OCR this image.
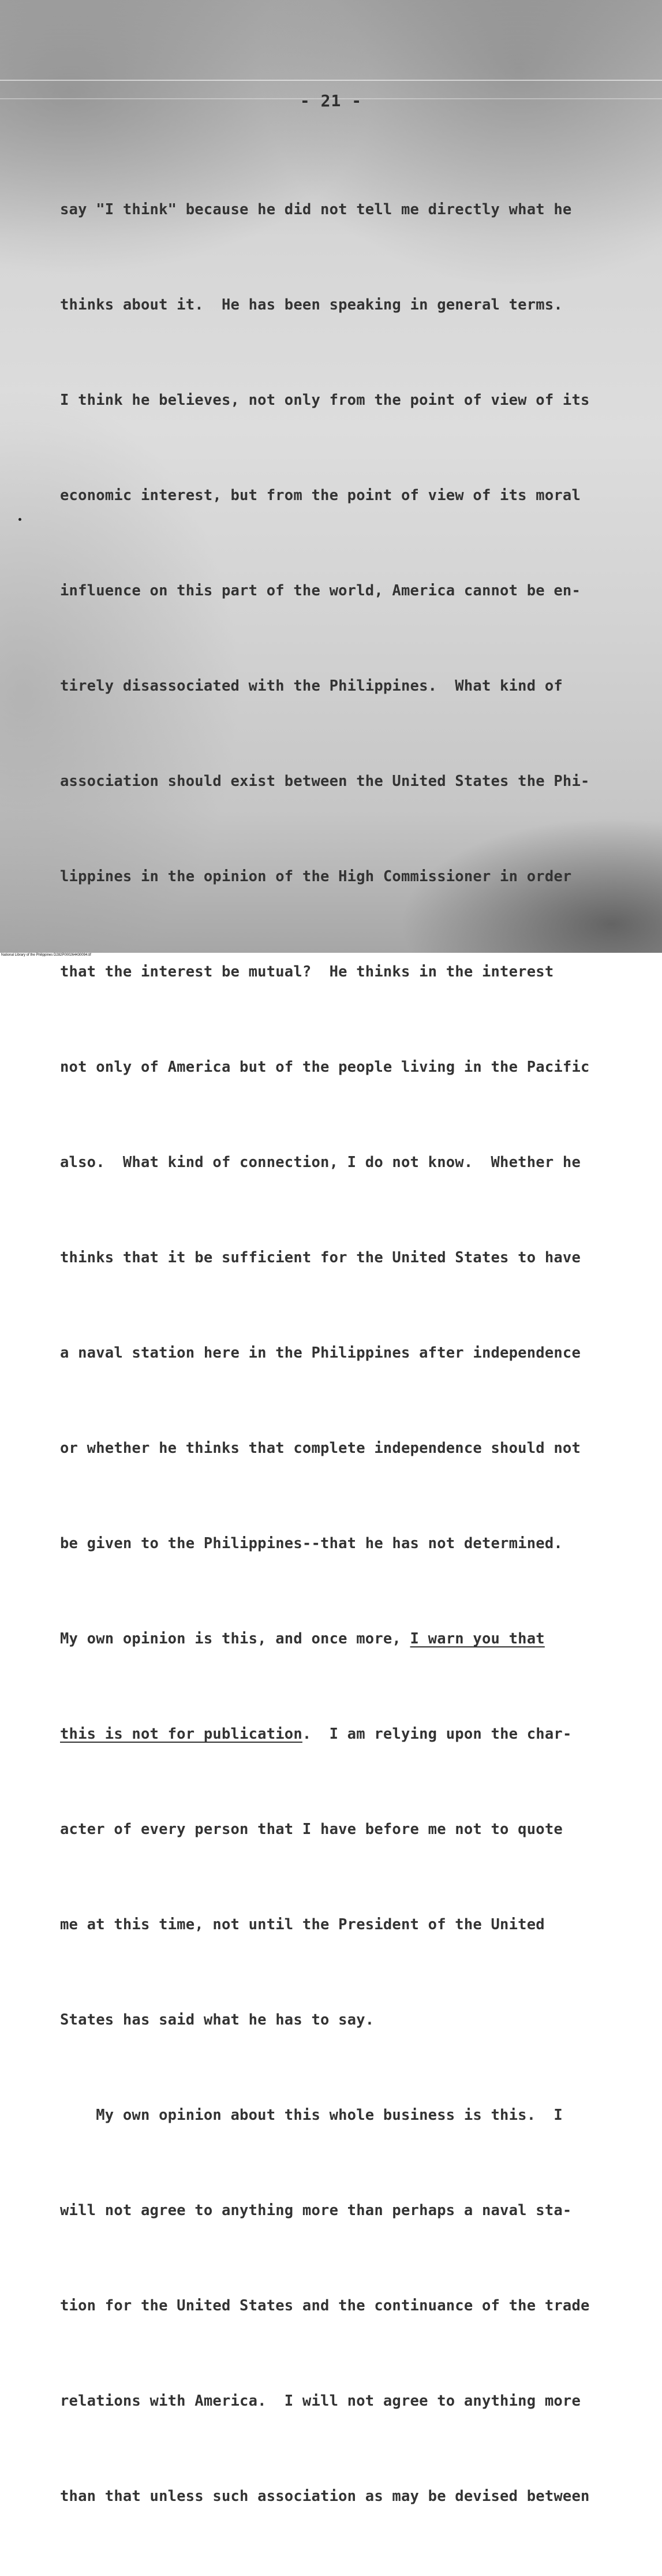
- 21 -

say "I think" because he did not tell me directly what he

thinks about it.  He has been speaking in general terms.

I think he believes, not only from the point of view of its

economic interest, but from the point of view of its moral

influence on this part of the world, America cannot be en-

tirely disassociated with the Philippines.  What kind of

association should exist between the United States the Phi-

lippines in the opinion of the High Commissioner in order

that the interest be mutual?  He thinks in the interest

not only of America but of the people living in the Pacific

also.  What kind of connection, I do not know.  Whether he

thinks that it be sufficient for the United States to have

a naval station here in the Philippines after independence

or whether he thinks that complete independence should not

be given to the Philippines--that he has not determined.

My own opinion is this, and once more, I warn you that

this is not for publication.  I am relying upon the char-

acter of every person that I have before me not to quote

me at this time, not until the President of the United

States has said what he has to say.

My own opinion about this whole business is this.  I

will not agree to anything more than perhaps a naval sta-

tion for the United States and the continuance of the trade

relations with America.  I will not agree to anything more

than that unless such association as may be devised between

National Library of the Philippines D282P000264430094.tif
